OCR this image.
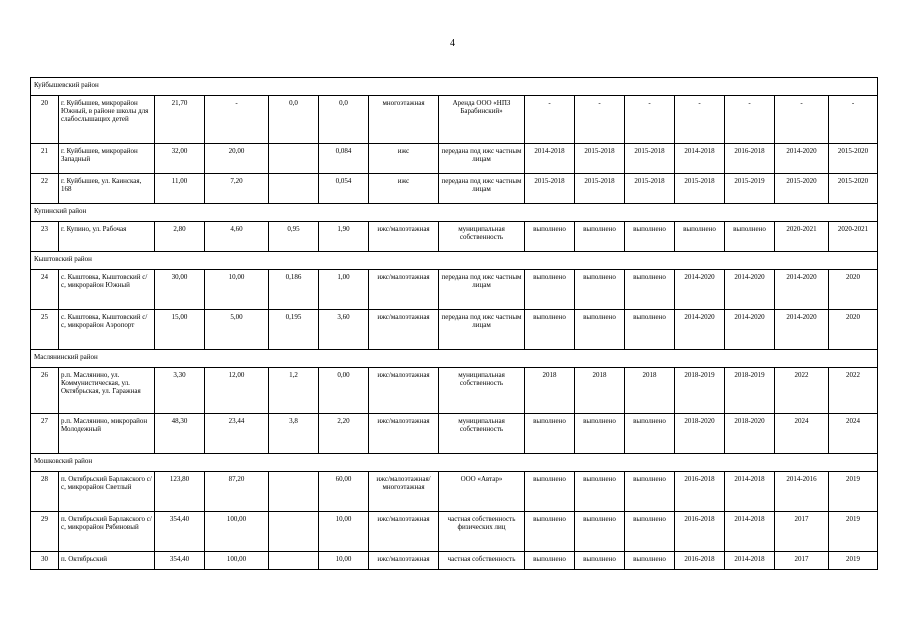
4
Куйбышевский район														
20	г. Куйбышев, микрорайон Южный, в районе школы для слабослышащих детей	21,70	-	0,0	0,0	многоэтажная	Аренда ООО «НПЗ Барабинский»	-	-	-	-	-	-	-
21	г. Куйбышев, микрорайон Западный	32,00	20,00		0,084	ижс	передана под ижс частным лицам	2014-2018	2015-2018	2015-2018	2014-2018	2016-2018	2014-2020	2015-2020
22	г. Куйбышев, ул. Каинская, 168	11,00	7,20		0,054	ижс	передана под ижс частным лицам	2015-2018	2015-2018	2015-2018	2015-2018	2015-2019	2015-2020	2015-2020
Купинский район														
23	г. Купино, ул. Рабочая	2,80	4,60	0,95	1,90	ижс/малоэтажная	муниципальная собственность	выполнено	выполнено	выполнено	выполнено	выполнено	2020-2021	2020-2021
Кыштовский район														
24	с. Кыштовка, Кыштовский с/с, микрорайон Южный	30,00	10,00	0,186	1,00	ижс/малоэтажная	передана под ижс частным лицам	выполнено	выполнено	выполнено	2014-2020	2014-2020	2014-2020	2020
25	с. Кыштовка, Кыштовский с/с, микрорайон Аэропорт	15,00	5,00	0,195	3,60	ижс/малоэтажная	передана под ижс частным лицам	выполнено	выполнено	выполнено	2014-2020	2014-2020	2014-2020	2020
Маслянинский район														
26	р.п. Маслянино, ул. Коммунистическая, ул. Октябрьская, ул. Гаражная	3,30	12,00	1,2	0,00	ижс/малоэтажная	муниципальная собственность	2018	2018	2018	2018-2019	2018-2019	2022	2022
27	р.п. Маслянино, микрорайон Молодежный	48,30	23,44	3,8	2,20	ижс/малоэтажная	муниципальная собственность	выполнено	выполнено	выполнено	2018-2020	2018-2020	2024	2024
Мошковский район														
28	п. Октябрьский Барлакского с/с, микрорайон Светлый	123,80	87,20		60,00	ижс/малоэтажная/многоэтажная	ООО «Автар»	выполнено	выполнено	выполнено	2016-2018	2014-2018	2014-2016	2019
29	п. Октябрьский Барлакского с/с, микрорайон Рябиновый	354,40	100,00		10,00	ижс/малоэтажная	частная собственность физических лиц	выполнено	выполнено	выполнено	2016-2018	2014-2018	2017	2019
30	п. Октябрьский	354,40	100,00		10,00	ижс/малоэтажная	частная собственность	выполнено	выполнено	выполнено	2016-2018	2014-2018	2017	2019
